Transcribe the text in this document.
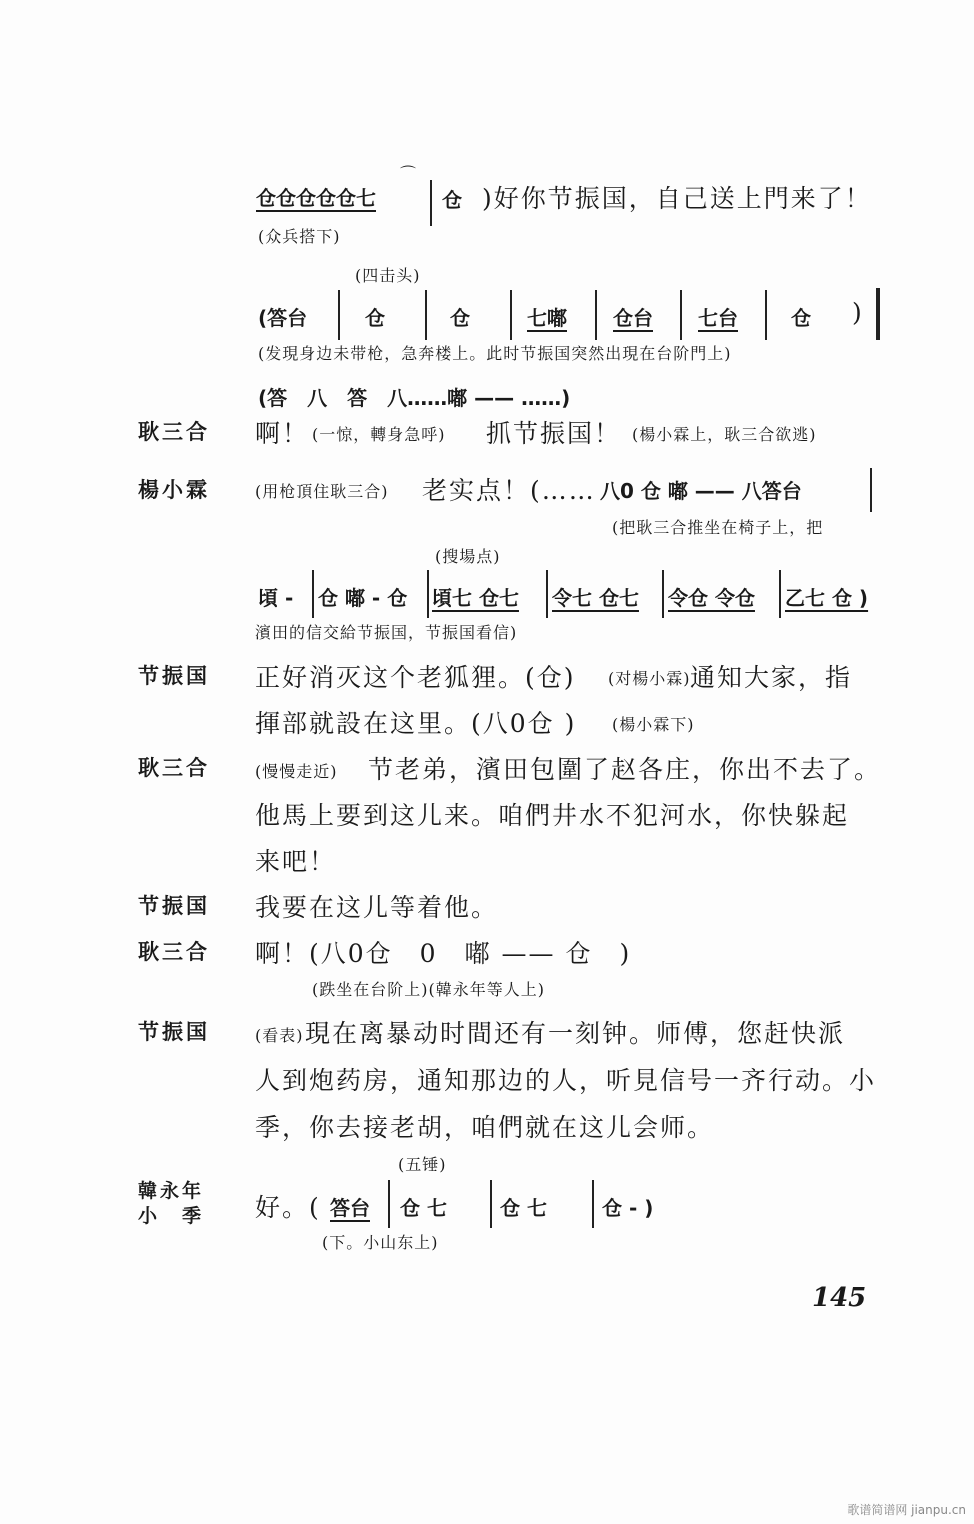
仓仓仓仓仓七
⌒
仓 )好你节振国，自己送上門来了！
(众兵搭下)
(四击头)
(答台	仓	仓	七嘟 仓台 七台	仓 )
(发現身边未带枪，急奔楼上。此时节振国突然出現在台阶門上)
(答　八　答　八……嘟 —— ……)
耿三合 啊！ (一惊，轉身急呼) 抓节振国！ (楊小霖上，耿三合欲逃)
楊小霖	(用枪頂住耿三合) 老实点！(…… 八0 仓 嘟 —— 八答台
(把耿三合推坐在椅子上，把
(搜場点)
頃 - 仓 嘟 - 仓 頃七 仓七 令七 仓七 令仓 令仓 乙七 仓 )
濱田的信交給节振国，节振国看信)
节振国 正好消灭这个老狐狸。(仓) (对楊小霖) 通知大家，指
揮部就設在这里。(八0仓 ) (楊小霖下)
耿三合	(慢慢走近) 节老弟，濱田包圍了赵各庄，你出不去了。
他馬上要到这儿来。咱們井水不犯河水，你快躲起
来吧！
节振国 我要在这儿等着他。
耿三合 啊！(八0仓　0　嘟 —— 仓　)
(跌坐在台阶上)(韓永年等人上)
节振国	(看表) 現在离暴动时間还有一刻钟。师傅，您赶快派
人到炮药房，通知那边的人，听見信号一齐行动。小
季，你去接老胡，咱們就在这儿会师。
(五锤)
韓永年
小　季 好。( 答台 仓 七	仓 七	仓 - )
(下。小山东上)
145
歌谱简谱网 jianpu.cn
